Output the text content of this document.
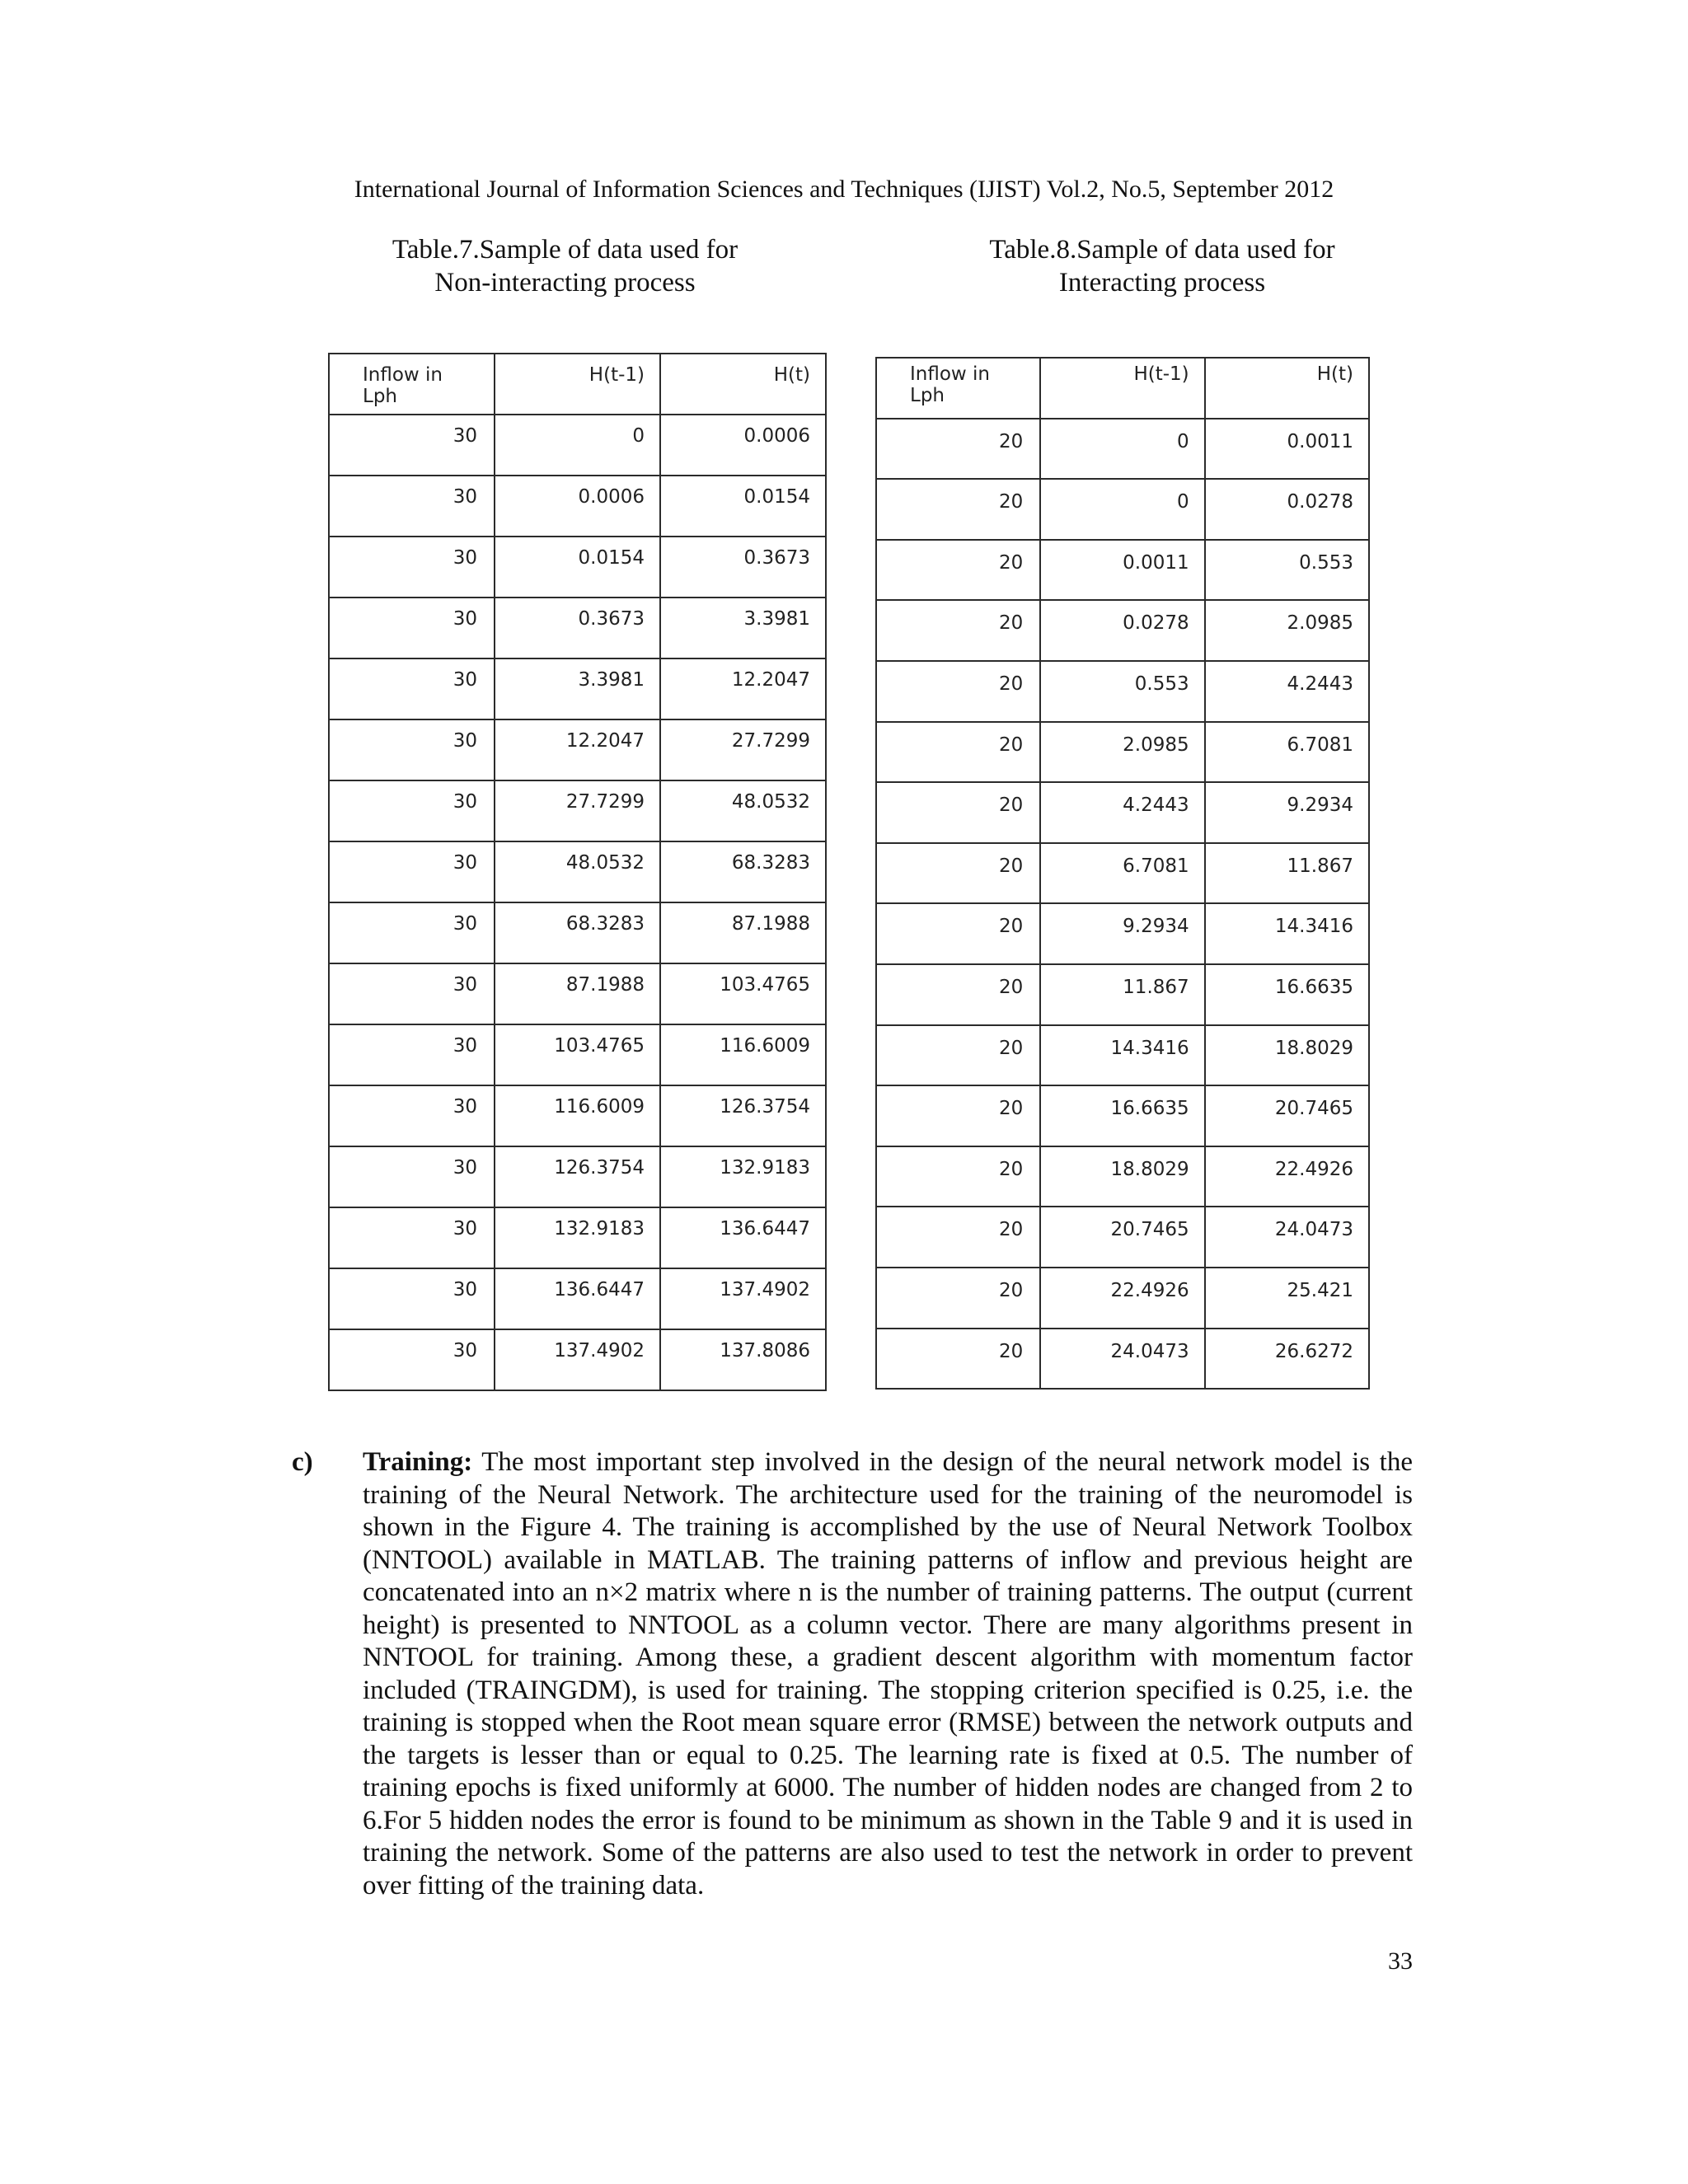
International Journal of Information Sciences and Techniques (IJIST) Vol.2, No.5, September 2012
Table.7.Sample of data used for
Non-interacting process
Table.8.Sample of data used for
Interacting process
Inflow in Lph	H(t-1)	H(t)
30	0	0.0006
30	0.0006	0.0154
30	0.0154	0.3673
30	0.3673	3.3981
30	3.3981	12.2047
30	12.2047	27.7299
30	27.7299	48.0532
30	48.0532	68.3283
30	68.3283	87.1988
30	87.1988	103.4765
30	103.4765	116.6009
30	116.6009	126.3754
30	126.3754	132.9183
30	132.9183	136.6447
30	136.6447	137.4902
30	137.4902	137.8086
Inflow in Lph	H(t-1)	H(t)
20	0	0.0011
20	0	0.0278
20	0.0011	0.553
20	0.0278	2.0985
20	0.553	4.2443
20	2.0985	6.7081
20	4.2443	9.2934
20	6.7081	11.867
20	9.2934	14.3416
20	11.867	16.6635
20	14.3416	18.8029
20	16.6635	20.7465
20	18.8029	22.4926
20	20.7465	24.0473
20	22.4926	25.421
20	24.0473	26.6272
c) Training: The most important step involved in the design of the neural network model is the training of the Neural Network. The architecture used for the training of the neuromodel is shown in the Figure 4. The training is accomplished by the use of Neural Network Toolbox (NNTOOL) available in MATLAB. The training patterns of inflow and previous height are concatenated into an n×2 matrix where n is the number of training patterns. The output (current height) is presented to NNTOOL as a column vector. There are many algorithms present in NNTOOL for training. Among these, a gradient descent algorithm with momentum factor included (TRAINGDM), is used for training. The stopping criterion specified is 0.25, i.e. the training is stopped when the Root mean square error (RMSE) between the network outputs and the targets is lesser than or equal to 0.25. The learning rate is fixed at 0.5. The number of training epochs is fixed uniformly at 6000. The number of hidden nodes are changed from 2 to 6.For 5 hidden nodes the error is found to be minimum as shown in the Table 9 and it is used in training the network. Some of the patterns are also used to test the network in order to prevent over fitting of the training data.
33
